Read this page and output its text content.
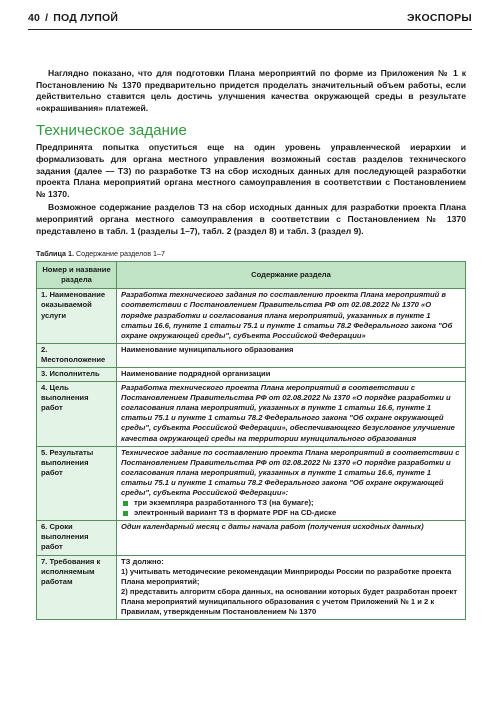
40 / ПОД ЛУПОЙ	ЭКОСПОРЫ

Наглядно показано, что для подготовки Плана мероприятий по форме из Приложения № 1 к Постановлению № 1370 предварительно придется проделать значительный объем работы, если действительно ставится цель достичь улучшения качества окружающей среды в результате «окрашивания» платежей.

Техническое задание

Предпринята попытка опуститься еще на один уровень управленческой иерархии и формализовать для органа местного управления возможный состав разделов технического задания (далее — ТЗ) по разработке ТЗ на сбор исходных данных для последующей разработки проекта Плана мероприятий органа местного самоуправления в соответствии с Постановлением № 1370.

Возможное содержание разделов ТЗ на сбор исходных данных для разработки проекта Плана мероприятий органа местного самоуправления в соответствии с Постановлением № 1370 представлено в табл. 1 (разделы 1–7), табл. 2 (раздел 8) и табл. 3 (раздел 9).

Таблица 1. Содержание разделов 1–7
Номер и название раздела	Содержание раздела
1. Наименование оказываемой услуги	Разработка технического задания по составлению проекта Плана мероприятий в соответствии с Постановлением Правительства РФ от 02.08.2022 № 1370 «О порядке разработки и согласования плана мероприятий, указанных в пункте 1 статьи 16.6, пункте 1 статьи 75.1 и пункте 1 статьи 78.2 Федерального закона "Об охране окружающей среды", субъекта Российской Федерации»
2. Местоположение	Наименование муниципального образования
3. Исполнитель	Наименование подрядной организации
4. Цель выполнения работ	Разработка технического проекта Плана мероприятий в соответствии с Постановлением Правительства РФ от 02.08.2022 № 1370 «О порядке разработки и согласования плана мероприятий, указанных в пункте 1 статьи 16.6, пункте 1 статьи 75.1 и пункте 1 статьи 78.2 Федерального закона "Об охране окружающей среды", субъекта Российской Федерации», обеспечивающего безусловное улучшение качества окружающей среды на территории муниципального образования
5. Результаты выполнения работ	Техническое задание по составлению проекта Плана мероприятий в соответствии с Постановлением Правительства РФ от 02.08.2022 № 1370 «О порядке разработки и согласования плана мероприятий, указанных в пункте 1 статьи 16.6, пункте 1 статьи 75.1 и пункте 1 статьи 78.2 Федерального закона "Об охране окружающей среды", субъекта Российской Федерации»:
три экземпляра разработанного ТЗ (на бумаге);
электронный вариант ТЗ в формате PDF на CD-диске

6. Сроки выполнения работ	Один календарный месяц с даты начала работ (получения исходных данных)
7. Требования к исполняемым работам	ТЗ должно:
1) учитывать методические рекомендации Минприроды России по разработке проекта Плана мероприятий;
2) представить алгоритм сбора данных, на основании которых будет разработан проект Плана мероприятий муниципального образования с учетом Приложений № 1 и 2 к Правилам, утвержденным Постановлением № 1370
